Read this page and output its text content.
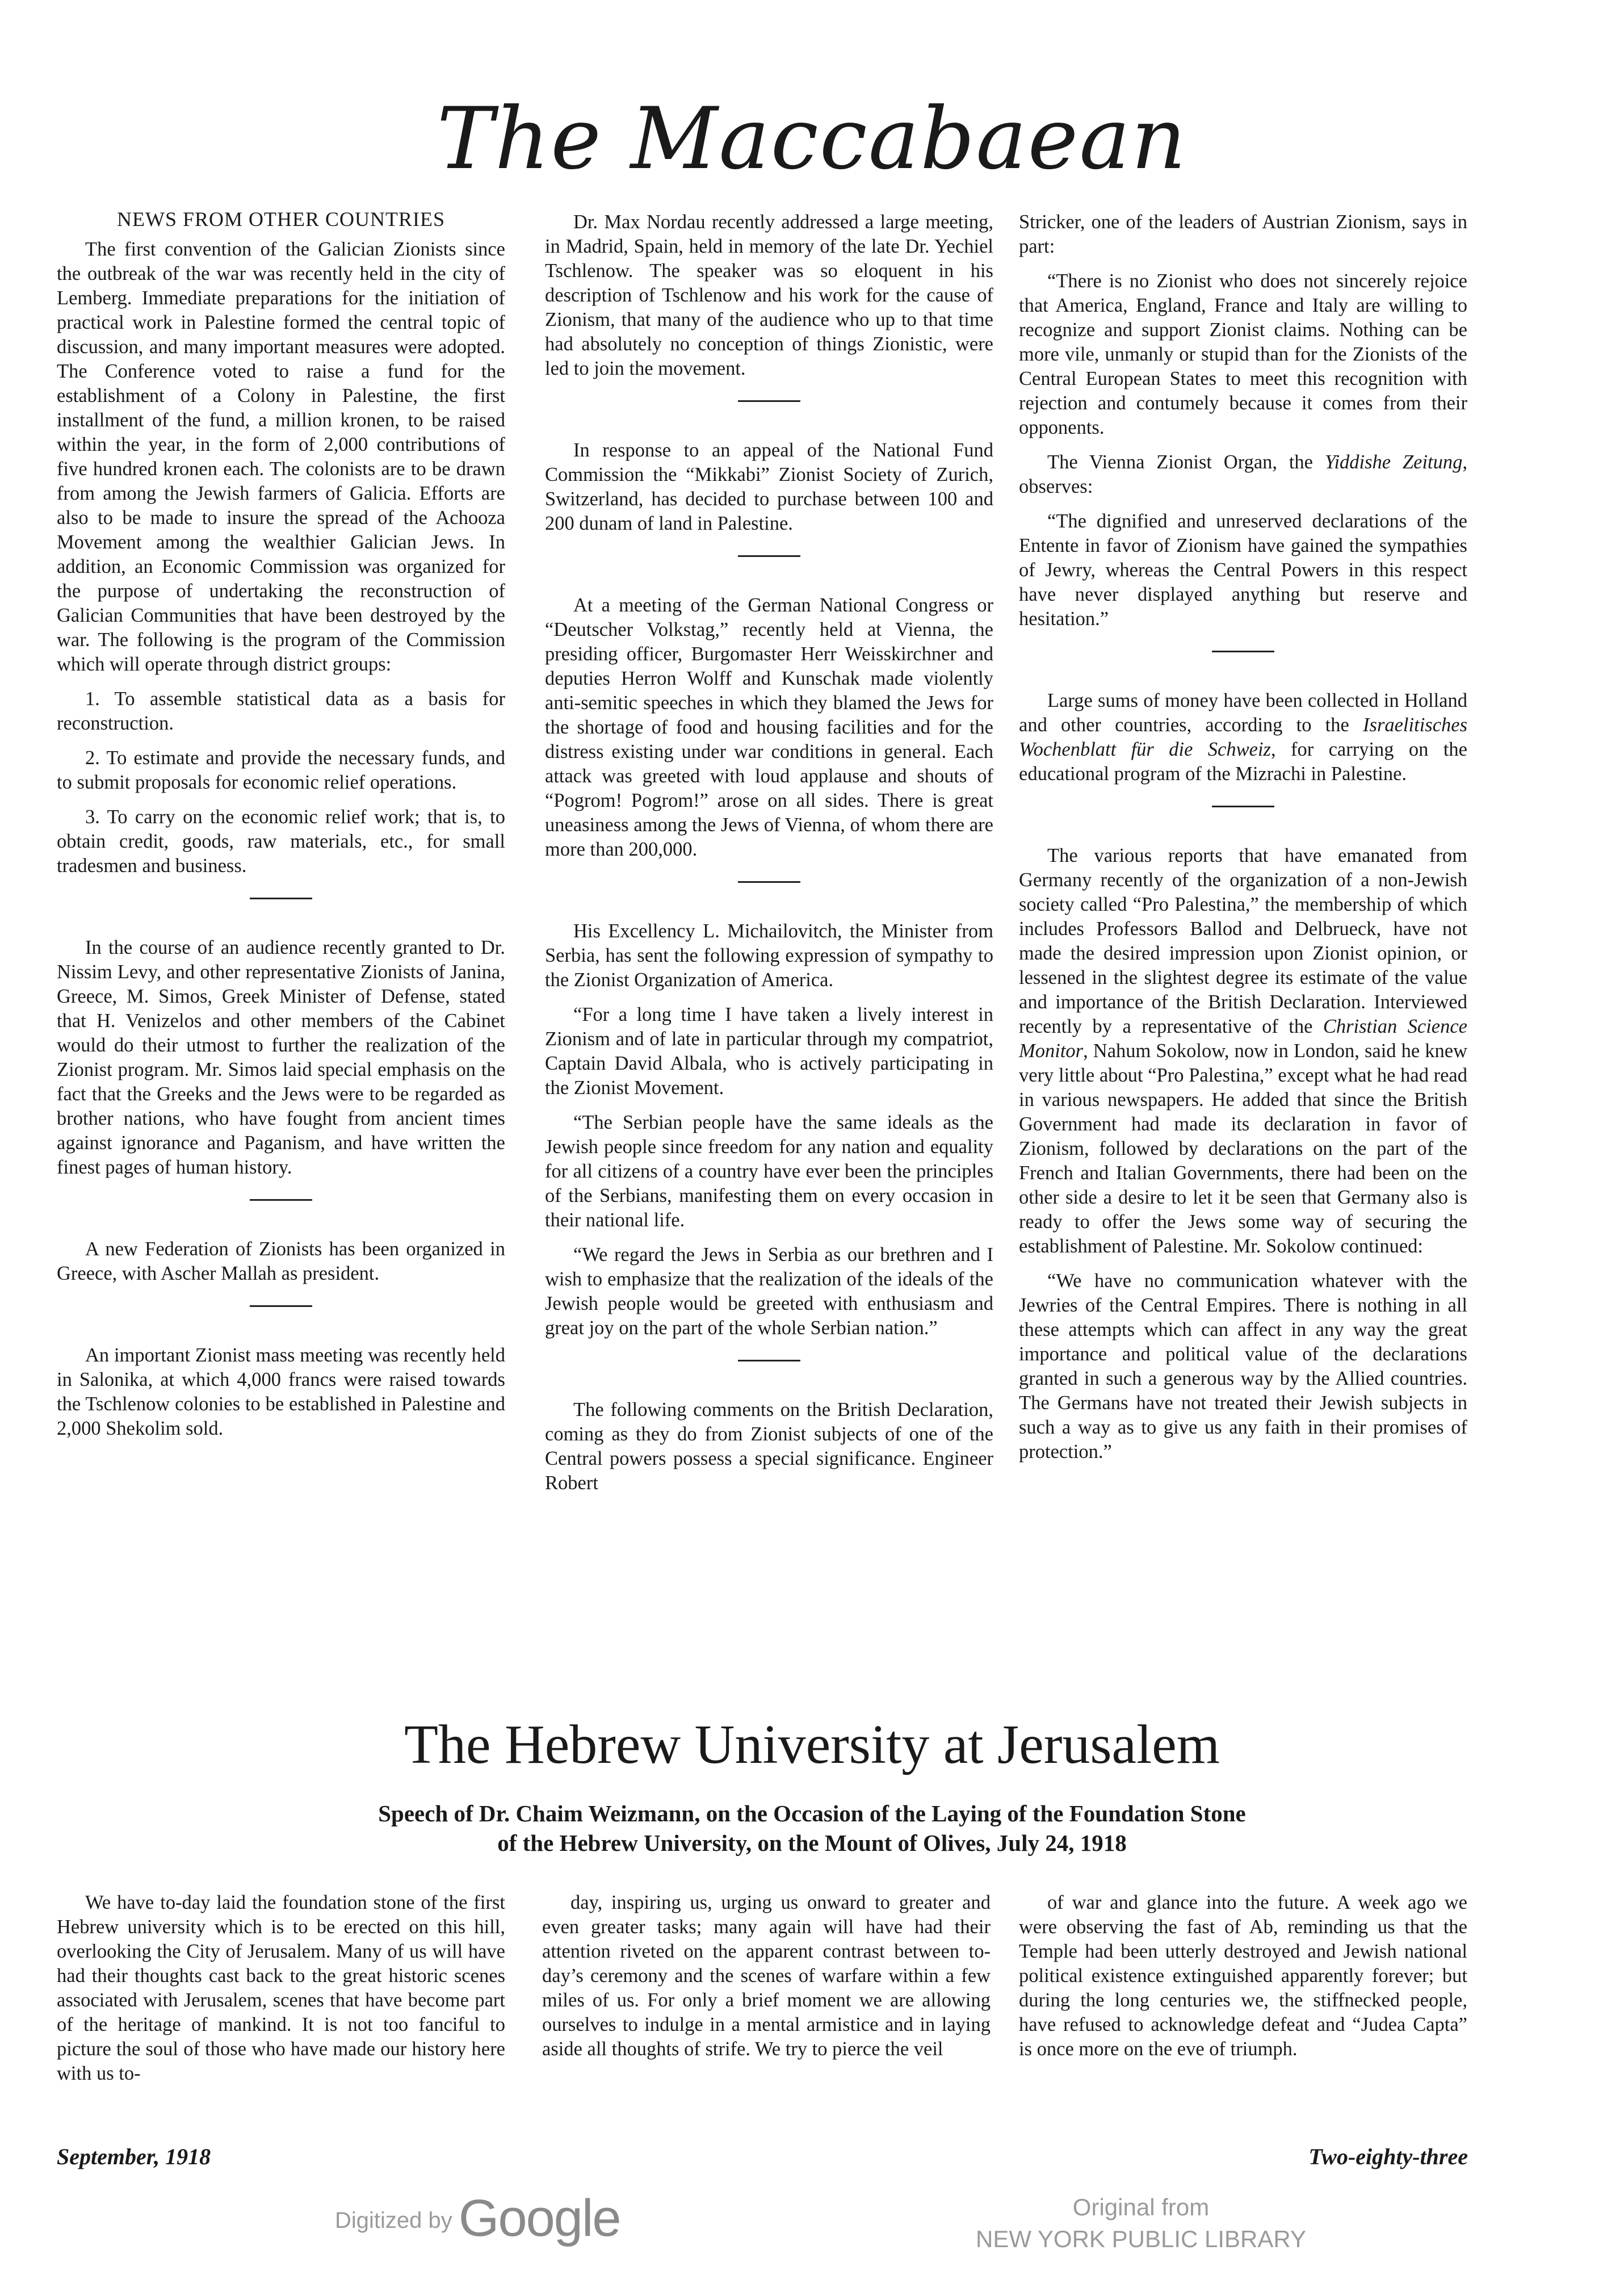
The Maccabaean

NEWS FROM OTHER COUNTRIES

The first convention of the Galician Zionists since the outbreak of the war was recently held in the city of Lemberg. Immediate preparations for the initiation of practical work in Palestine formed the central topic of discussion, and many important measures were adopted. The Conference voted to raise a fund for the establishment of a Colony in Palestine, the first installment of the fund, a million kronen, to be raised within the year, in the form of 2,000 contributions of five hundred kronen each. The colonists are to be drawn from among the Jewish farmers of Galicia. Efforts are also to be made to insure the spread of the Achooza Movement among the wealthier Galician Jews. In addition, an Economic Commission was organized for the purpose of undertaking the reconstruction of Galician Communities that have been destroyed by the war. The following is the program of the Commission which will operate through district groups:

1. To assemble statistical data as a basis for reconstruction.

2. To estimate and provide the necessary funds, and to submit proposals for economic relief operations.

3. To carry on the economic relief work; that is, to obtain credit, goods, raw materials, etc., for small tradesmen and business.

In the course of an audience recently granted to Dr. Nissim Levy, and other representative Zionists of Janina, Greece, M. Simos, Greek Minister of Defense, stated that H. Venizelos and other members of the Cabinet would do their utmost to further the realization of the Zionist program. Mr. Simos laid special emphasis on the fact that the Greeks and the Jews were to be regarded as brother nations, who have fought from ancient times against ignorance and Paganism, and have written the finest pages of human history.

A new Federation of Zionists has been organized in Greece, with Ascher Mallah as president.

An important Zionist mass meeting was recently held in Salonika, at which 4,000 francs were raised towards the Tschlenow colonies to be established in Palestine and 2,000 Shekolim sold.

Dr. Max Nordau recently addressed a large meeting, in Madrid, Spain, held in memory of the late Dr. Yechiel Tschlenow. The speaker was so eloquent in his description of Tschlenow and his work for the cause of Zionism, that many of the audience who up to that time had absolutely no conception of things Zionistic, were led to join the movement.

In response to an appeal of the National Fund Commission the “Mikkabi” Zionist Society of Zurich, Switzerland, has decided to purchase between 100 and 200 dunam of land in Palestine.

At a meeting of the German National Congress or “Deutscher Volkstag,” recently held at Vienna, the presiding officer, Burgomaster Herr Weisskirchner and deputies Herron Wolff and Kunschak made violently anti-semitic speeches in which they blamed the Jews for the shortage of food and housing facilities and for the distress existing under war conditions in general. Each attack was greeted with loud applause and shouts of “Pogrom! Pogrom!” arose on all sides. There is great uneasiness among the Jews of Vienna, of whom there are more than 200,000.

His Excellency L. Michailovitch, the Minister from Serbia, has sent the following expression of sympathy to the Zionist Organization of America.

“For a long time I have taken a lively interest in Zionism and of late in particular through my compatriot, Captain David Albala, who is actively participating in the Zionist Movement.

“The Serbian people have the same ideals as the Jewish people since freedom for any nation and equality for all citizens of a country have ever been the principles of the Serbians, manifesting them on every occasion in their national life.

“We regard the Jews in Serbia as our brethren and I wish to emphasize that the realization of the ideals of the Jewish people would be greeted with enthusiasm and great joy on the part of the whole Serbian nation.”

The following comments on the British Declaration, coming as they do from Zionist subjects of one of the Central powers possess a special significance. Engineer Robert

Stricker, one of the leaders of Austrian Zionism, says in part:

“There is no Zionist who does not sincerely rejoice that America, England, France and Italy are willing to recognize and support Zionist claims. Nothing can be more vile, unmanly or stupid than for the Zionists of the Central European States to meet this recognition with rejection and contumely because it comes from their opponents.

The Vienna Zionist Organ, the Yiddishe Zeitung, observes:

“The dignified and unreserved declarations of the Entente in favor of Zionism have gained the sympathies of Jewry, whereas the Central Powers in this respect have never displayed anything but reserve and hesitation.”

Large sums of money have been collected in Holland and other countries, according to the Israelitisches Wochenblatt für die Schweiz, for carrying on the educational program of the Mizrachi in Palestine.

The various reports that have emanated from Germany recently of the organization of a non-Jewish society called “Pro Palestina,” the membership of which includes Professors Ballod and Delbrueck, have not made the desired impression upon Zionist opinion, or lessened in the slightest degree its estimate of the value and importance of the British Declaration. Interviewed recently by a representative of the Christian Science Monitor, Nahum Sokolow, now in London, said he knew very little about “Pro Palestina,” except what he had read in various newspapers. He added that since the British Government had made its declaration in favor of Zionism, followed by declarations on the part of the French and Italian Governments, there had been on the other side a desire to let it be seen that Germany also is ready to offer the Jews some way of securing the establishment of Palestine. Mr. Sokolow continued:

“We have no communication whatever with the Jewries of the Central Empires. There is nothing in all these attempts which can affect in any way the great importance and political value of the declarations granted in such a generous way by the Allied countries. The Germans have not treated their Jewish subjects in such a way as to give us any faith in their promises of protection.”

The Hebrew University at Jerusalem
Speech of Dr. Chaim Weizmann, on the Occasion of the Laying of the Foundation Stone
of the Hebrew University, on the Mount of Olives, July 24, 1918

We have to-day laid the foundation stone of the first Hebrew university which is to be erected on this hill, overlooking the City of Jerusalem. Many of us will have had their thoughts cast back to the great historic scenes associated with Jerusalem, scenes that have become part of the heritage of mankind. It is not too fanciful to picture the soul of those who have made our history here with us to-

day, inspiring us, urging us onward to greater and even greater tasks; many again will have had their attention riveted on the apparent contrast between to-day’s ceremony and the scenes of warfare within a few miles of us. For only a brief moment we are allowing ourselves to indulge in a mental armistice and in laying aside all thoughts of strife. We try to pierce the veil

of war and glance into the future. A week ago we were observing the fast of Ab, reminding us that the Temple had been utterly destroyed and Jewish national political existence extinguished apparently forever; but during the long centuries we, the stiffnecked people, have refused to acknowledge defeat and “Judea Capta” is once more on the eve of triumph.

September, 1918	Two-eighty-three
Digitized by Google	Original from
NEW YORK PUBLIC LIBRARY
